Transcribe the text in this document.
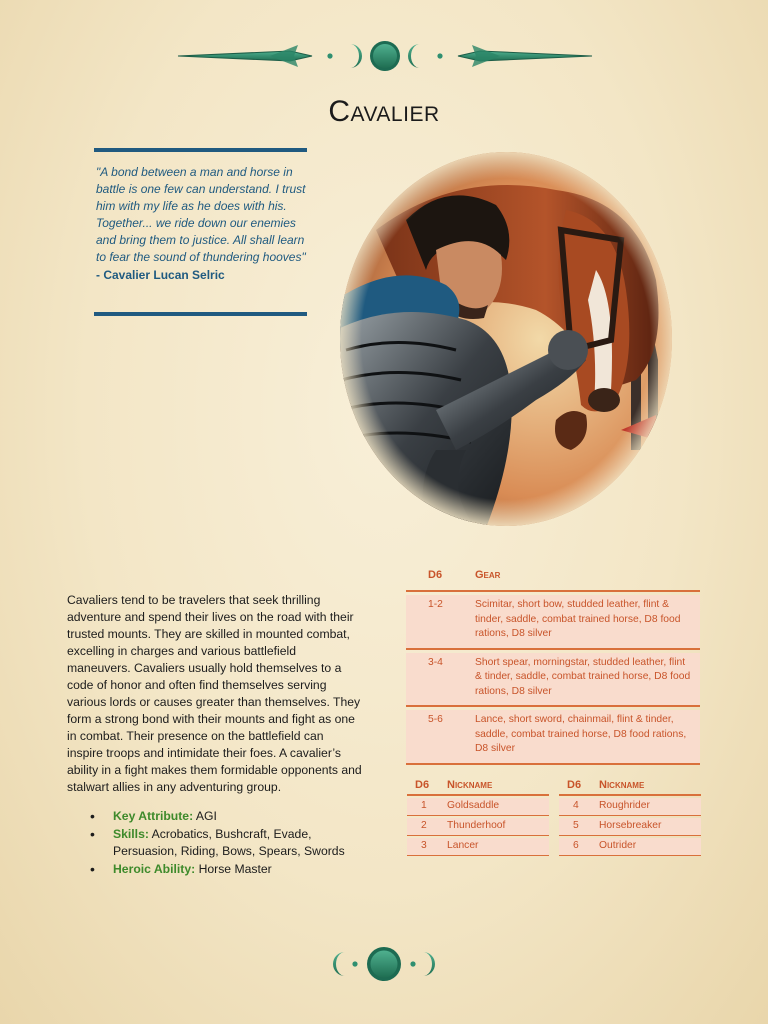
Cavalier
"A bond between a man and horse in battle is one few can understand. I trust him with my life as he does with his. Together... we ride down our enemies and bring them to justice. All shall learn to fear the sound of thundering hooves"
- Cavalier Lucan Selric
Cavaliers tend to be travelers that seek thrilling adventure and spend their lives on the road with their trusted mounts. They are skilled in mounted combat, excelling in charges and various battlefield maneuvers. Cavaliers usually hold themselves to a code of honor and often find themselves serving various lords or causes greater than themselves. They form a strong bond with their mounts and fight as one in combat. Their presence on the battlefield can inspire troops and intimidate their foes. A cavalier’s ability in a fight makes them formidable opponents and stalwart allies in any adventuring group.
• Key Attribute: AGI
• Skills: Acrobatics, Bushcraft, Evade, Persuasion, Riding, Bows, Spears, Swords
• Heroic Ability: Horse Master
D6	Gear
1-2	Scimitar, short bow, studded leather, flint & tinder, saddle, combat trained horse, D8 food rations, D8 silver
3-4	Short spear, morningstar, studded leather, flint & tinder, saddle, combat trained horse, D8 food rations, D8 silver
5-6	Lance, short sword, chainmail, flint & tinder, saddle, combat trained horse, D8 food rations, D8 silver
D6 Nickname
1 Goldsaddle
2 Thunderhoof
3 Lancer
D6 Nickname
4 Roughrider
5 Horsebreaker
6 Outrider
